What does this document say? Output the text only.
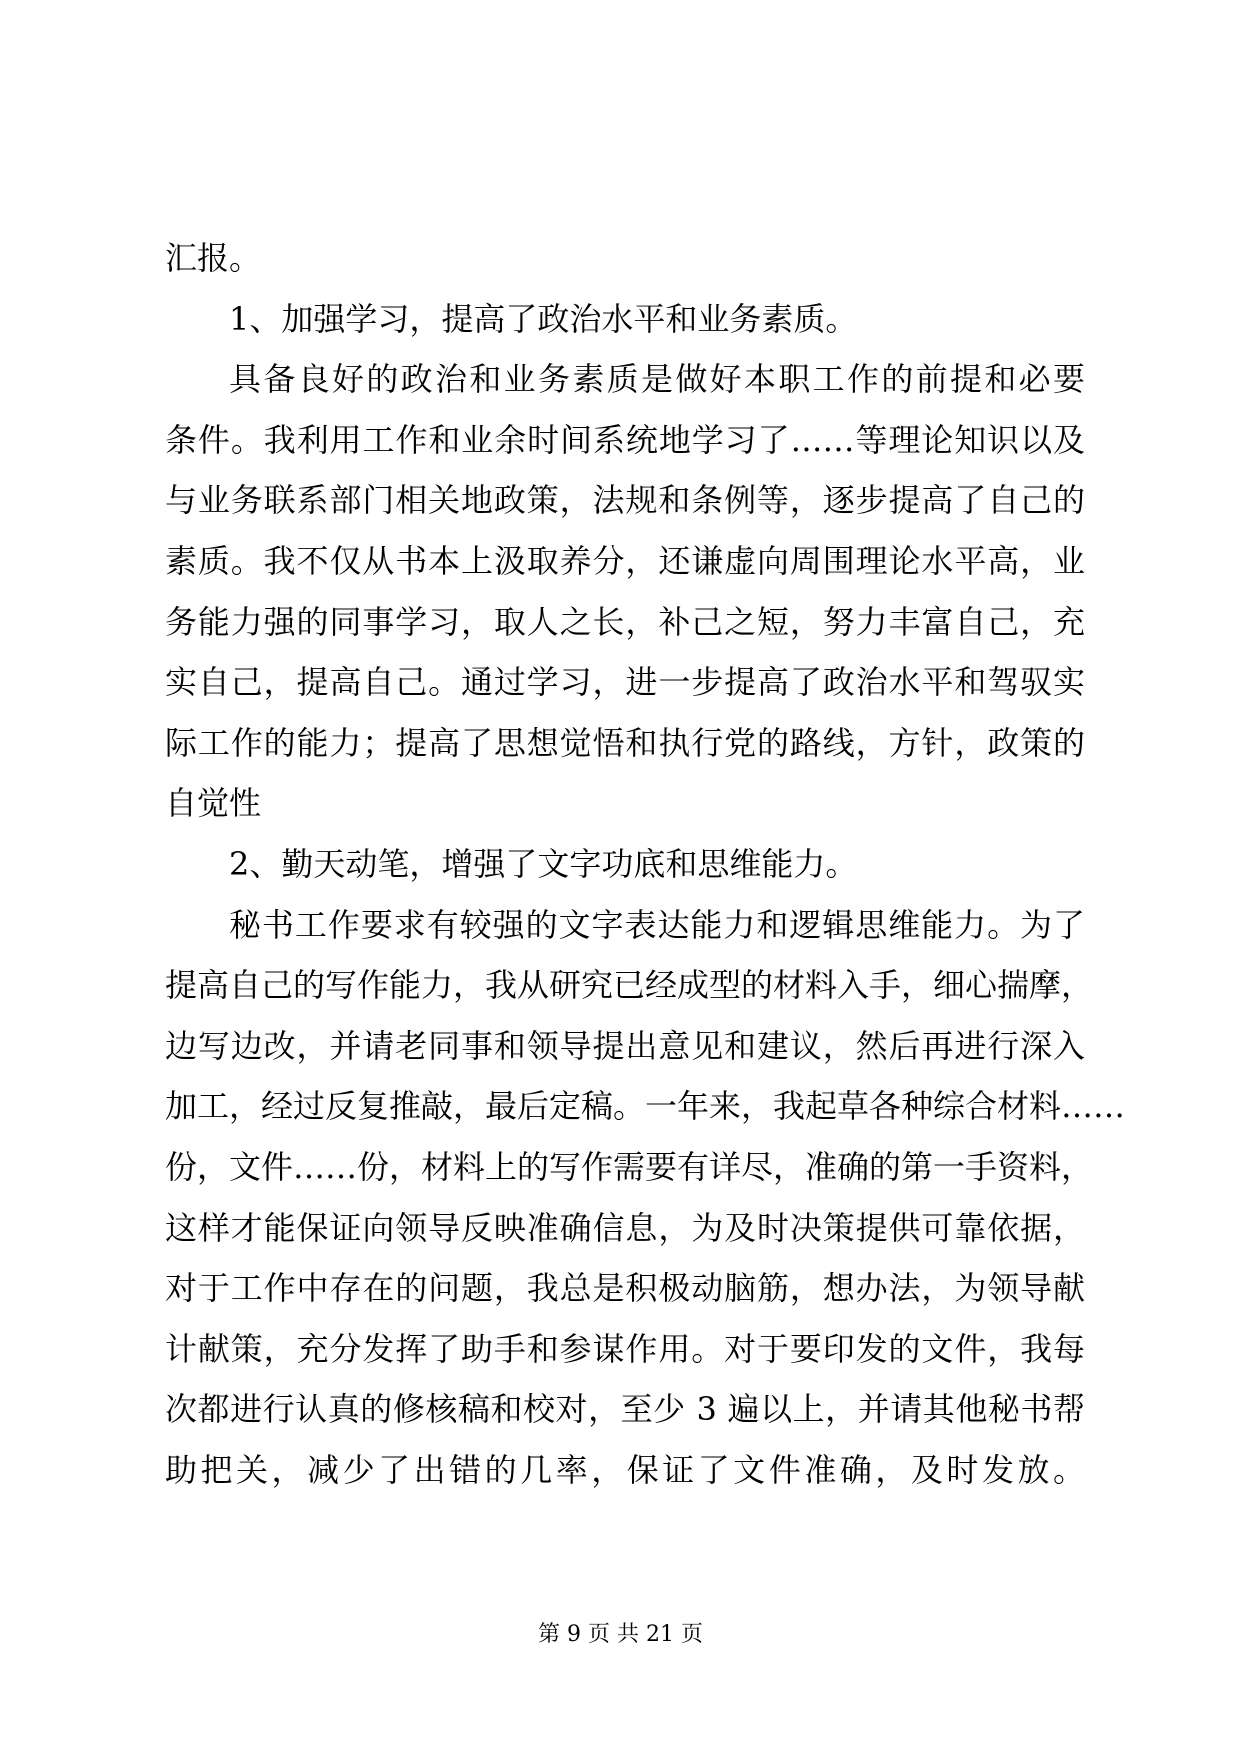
汇报。
1、加强学习，提高了政治水平和业务素质。
具备良好的政治和业务素质是做好本职工作的前提和必要
条件。我利用工作和业余时间系统地学习了……等理论知识以及
与业务联系部门相关地政策，法规和条例等，逐步提高了自己的
素质。我不仅从书本上汲取养分，还谦虚向周围理论水平高，业
务能力强的同事学习，取人之长，补己之短，努力丰富自己，充
实自己，提高自己。通过学习，进一步提高了政治水平和驾驭实
际工作的能力；提高了思想觉悟和执行党的路线，方针，政策的
自觉性
2、勤天动笔，增强了文字功底和思维能力。
秘书工作要求有较强的文字表达能力和逻辑思维能力。为了
提高自己的写作能力，我从研究已经成型的材料入手，细心揣摩，
边写边改，并请老同事和领导提出意见和建议，然后再进行深入
加工，经过反复推敲，最后定稿。一年来，我起草各种综合材料……
份，文件……份，材料上的写作需要有详尽，准确的第一手资料，
这样才能保证向领导反映准确信息，为及时决策提供可靠依据，
对于工作中存在的问题，我总是积极动脑筋，想办法，为领导献
计献策，充分发挥了助手和参谋作用。对于要印发的文件，我每
次都进行认真的修核稿和校对，至少 3 遍以上，并请其他秘书帮
助把关，减少了出错的几率，保证了文件准确，及时发放。
第 9 页 共 21 页
